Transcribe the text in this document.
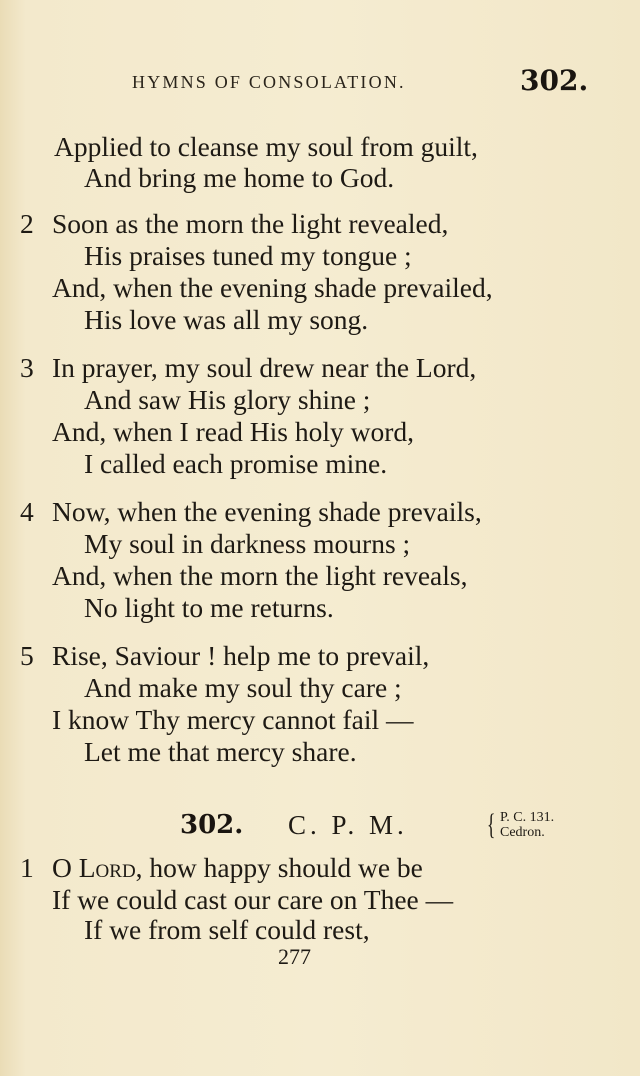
HYMNS OF CONSOLATION.	302.
Applied to cleanse my soul from guilt,
And bring me home to God.
2 Soon as the morn the light revealed,
His praises tuned my tongue ;
And, when the evening shade prevailed,
His love was all my song.
3 In prayer, my soul drew near the Lord,
And saw His glory shine ;
And, when I read His holy word,
I called each promise mine.
4 Now, when the evening shade prevails,
My soul in darkness mourns ;
And, when the morn the light reveals,
No light to me returns.
5 Rise, Saviour ! help me to prevail,
And make my soul thy care ;
I know Thy mercy cannot fail —
Let me that mercy share.
302. C. P. M.	{ P. C. 131.
Cedron.
1 O Lord, how happy should we be
If we could cast our care on Thee —
If we from self could rest,
277
